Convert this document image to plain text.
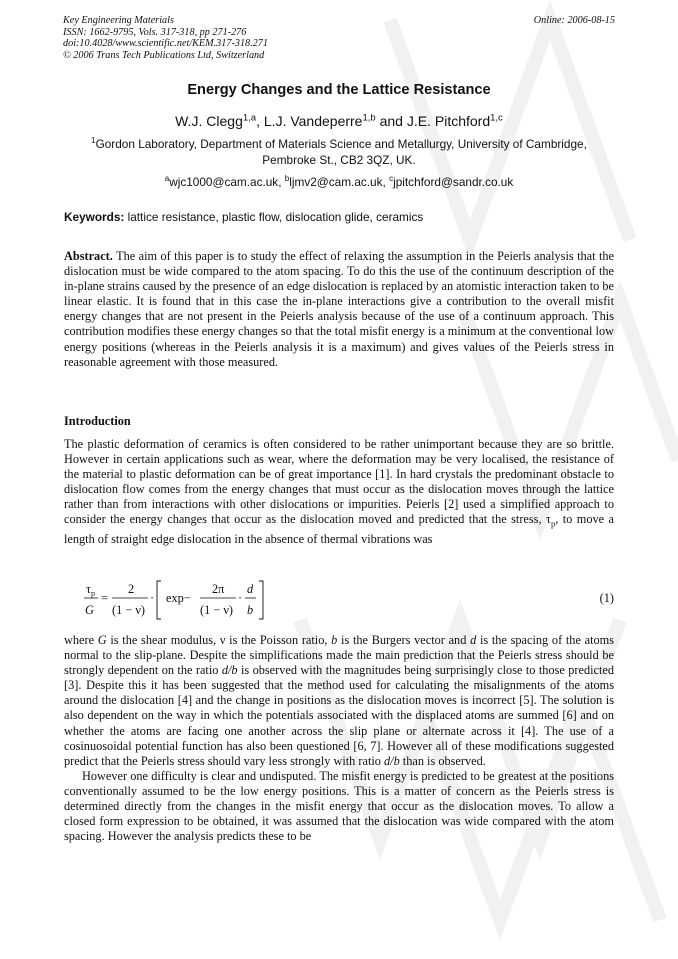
Key Engineering Materials
ISSN: 1662-9795, Vols. 317-318, pp 271-276
doi:10.4028/www.scientific.net/KEM.317-318.271
© 2006 Trans Tech Publications Ltd, Switzerland
Online: 2006-08-15
Energy Changes and the Lattice Resistance
W.J. Clegg$^{1,a}$, L.J. Vandeperre$^{1,b}$ and J.E. Pitchford$^{1,c}$
$^1$Gordon Laboratory, Department of Materials Science and Metallurgy, University of Cambridge,
Pembroke St., CB2 3QZ, UK.
$^a$wjc1000@cam.ac.uk, $^b$ljmv2@cam.ac.uk, $^c$jpitchford@sandr.co.uk
Keywords: lattice resistance, plastic flow, dislocation glide, ceramics
Abstract. The aim of this paper is to study the effect of relaxing the assumption in the Peierls analysis that the dislocation must be wide compared to the atom spacing. To do this the use of the continuum description of the in-plane strains caused by the presence of an edge dislocation is replaced by an atomistic interaction taken to be linear elastic. It is found that in this case the in-plane interactions give a contribution to the overall misfit energy changes that are not present in the Peierls analysis because of the use of a continuum approach. This contribution modifies these energy changes so that the total misfit energy is a minimum at the conventional low energy positions (whereas in the Peierls analysis it is a maximum) and gives values of the Peierls stress in reasonable agreement with those measured.
Introduction
The plastic deformation of ceramics is often considered to be rather unimportant because they are so brittle. However in certain applications such as wear, where the deformation may be very localised, the resistance of the material to plastic deformation can be of great importance [1]. In hard crystals the predominant obstacle to dislocation flow comes from the energy changes that must occur as the dislocation moves through the lattice rather than from interactions with other dislocations or impurities. Peierls [2] used a simplified approach to consider the energy changes that occur as the dislocation moved and predicted that the stress, $\tau_p$, to move a length of straight edge dislocation in the absence of thermal vibrations was
$\tau_p$
G
=
2
(1 − ν)
· exp−
2π
(1 − ν)
·
d
b
(1)
where G is the shear modulus, ν is the Poisson ratio, b is the Burgers vector and d is the spacing of the atoms normal to the slip-plane. Despite the simplifications made the main prediction that the Peierls stress should be strongly dependent on the ratio d/b is observed with the magnitudes being surprisingly close to those predicted [3]. Despite this it has been suggested that the method used for calculating the misalignments of the atoms around the dislocation [4] and the change in positions as the dislocation moves is incorrect [5]. The solution is also dependent on the way in which the potentials associated with the displaced atoms are summed [6] and on whether the atoms are facing one another across the slip plane or alternate across it [4]. The use of a cosinuosoidal potential function has also been questioned [6, 7]. However all of these modifications suggested predict that the Peierls stress should vary less strongly with ratio d/b than is observed.
However one difficulty is clear and undisputed. The misfit energy is predicted to be greatest at the positions conventionally assumed to be the low energy positions. This is a matter of concern as the Peierls stress is determined directly from the changes in the misfit energy that occur as the dislocation moves. To allow a closed form expression to be obtained, it was assumed that the dislocation was wide compared with the atom spacing. However the analysis predicts these to be
